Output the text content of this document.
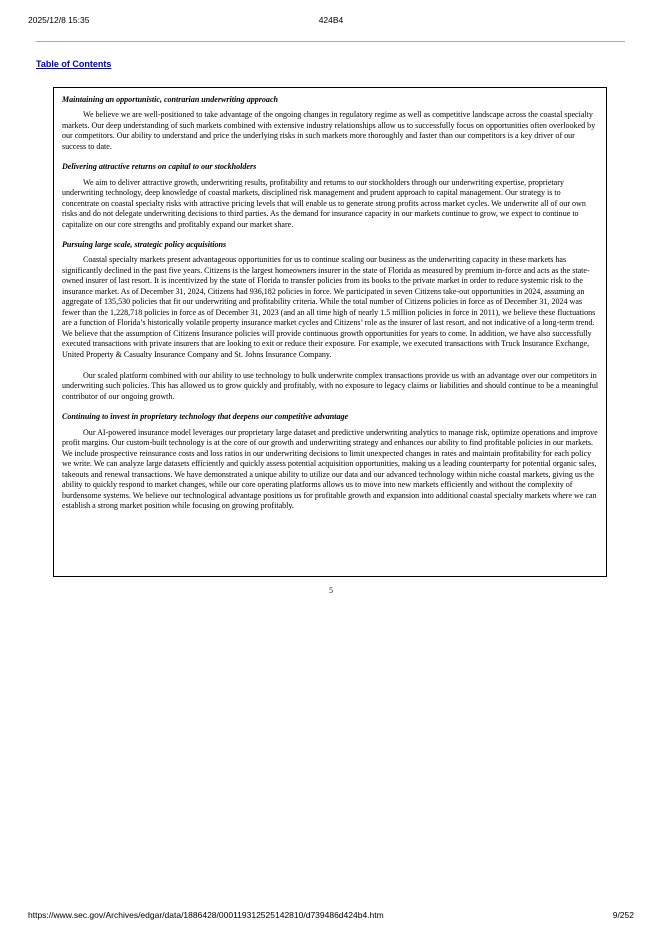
2025/12/8 15:35	424B4
Table of Contents

Maintaining an opportunistic, contrarian underwriting approach

We believe we are well-positioned to take advantage of the ongoing changes in regulatory regime as well as competitive landscape across the coastal specialty markets. Our deep understanding of such markets combined with extensive industry relationships allow us to successfully focus on opportunities often overlooked by our competitors. Our ability to understand and price the underlying risks in such markets more thoroughly and faster than our competitors is a key driver of our success to date.

Delivering attractive returns on capital to our stockholders

We aim to deliver attractive growth, underwriting results, profitability and returns to our stockholders through our underwriting expertise, proprietary underwriting technology, deep knowledge of coastal markets, disciplined risk management and prudent approach to capital management. Our strategy is to concentrate on coastal specialty risks with attractive pricing levels that will enable us to generate strong profits across market cycles. We underwrite all of our own risks and do not delegate underwriting decisions to third parties. As the demand for insurance capacity in our markets continue to grow, we expect to continue to capitalize on our core strengths and profitably expand our market share.

Pursuing large scale, strategic policy acquisitions

Coastal specialty markets present advantageous opportunities for us to continue scaling our business as the underwriting capacity in these markets has significantly declined in the past five years. Citizens is the largest homeowners insurer in the state of Florida as measured by premium in-force and acts as the state-owned insurer of last resort. It is incentivized by the state of Florida to transfer policies from its books to the private market in order to reduce systemic risk to the insurance market. As of December 31, 2024, Citizens had 936,182 policies in force. We participated in seven Citizens take-out opportunities in 2024, assuming an aggregate of 135,530 policies that fit our underwriting and profitability criteria. While the total number of Citizens policies in force as of December 31, 2024 was fewer than the 1,228,718 policies in force as of December 31, 2023 (and an all time high of nearly 1.5 million policies in force in 2011), we believe these fluctuations are a function of Florida’s historically volatile property insurance market cycles and Citizens’ role as the insurer of last resort, and not indicative of a long-term trend. We believe that the assumption of Citizens Insurance policies will provide continuous growth opportunities for years to come. In addition, we have also successfully executed transactions with private insurers that are looking to exit or reduce their exposure. For example, we executed transactions with Truck Insurance Exchange, United Property & Casualty Insurance Company and St. Johns Insurance Company.

Our scaled platform combined with our ability to use technology to bulk underwrite complex transactions provide us with an advantage over our competitors in underwriting such policies. This has allowed us to grow quickly and profitably, with no exposure to legacy claims or liabilities and should continue to be a meaningful contributor of our ongoing growth.

Continuing to invest in proprietary technology that deepens our competitive advantage

Our AI-powered insurance model leverages our proprietary large dataset and predictive underwriting analytics to manage risk, optimize operations and improve profit margins. Our custom-built technology is at the core of our growth and underwriting strategy and enhances our ability to find profitable policies in our markets. We include prospective reinsurance costs and loss ratios in our underwriting decisions to limit unexpected changes in rates and maintain profitability for each policy we write. We can analyze large datasets efficiently and quickly assess potential acquisition opportunities, making us a leading counterparty for potential organic sales, takeouts and renewal transactions. We have demonstrated a unique ability to utilize our data and our advanced technology within niche coastal markets, giving us the ability to quickly respond to market changes, while our core operating platforms allows us to move into new markets efficiently and without the complexity of burdensome systems. We believe our technological advantage positions us for profitable growth and expansion into additional coastal specialty markets where we can establish a strong market position while focusing on growing profitably.

5
https://www.sec.gov/Archives/edgar/data/1886428/000119312525142810/d739486d424b4.htm	9/252
